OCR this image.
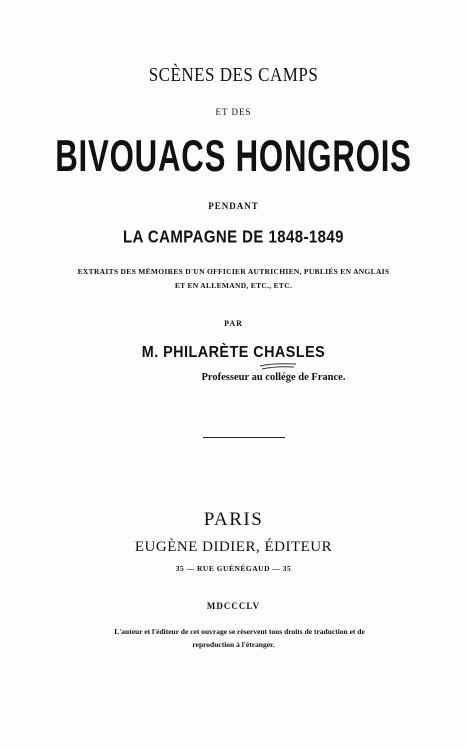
SCÈNES DES CAMPS
ET DES
BIVOUACS HONGROIS
PENDANT
LA CAMPAGNE DE 1848-1849
EXTRAITS DES MÉMOIRES D'UN OFFICIER AUTRICHIEN, PUBLIÉS EN ANGLAIS
ET EN ALLEMAND, ETC., ETC.
PAR
M. PHILARÈTE CHASLES
Professeur au collége de France.
PARIS
EUGÈNE DIDIER, ÉDITEUR
35 — RUE GUÉNÉGAUD — 35
MDCCCLV
L'auteur et l'éditeur de cet ouvrage se réservent tous droits de traduction et de
reproduction à l'étranger.
